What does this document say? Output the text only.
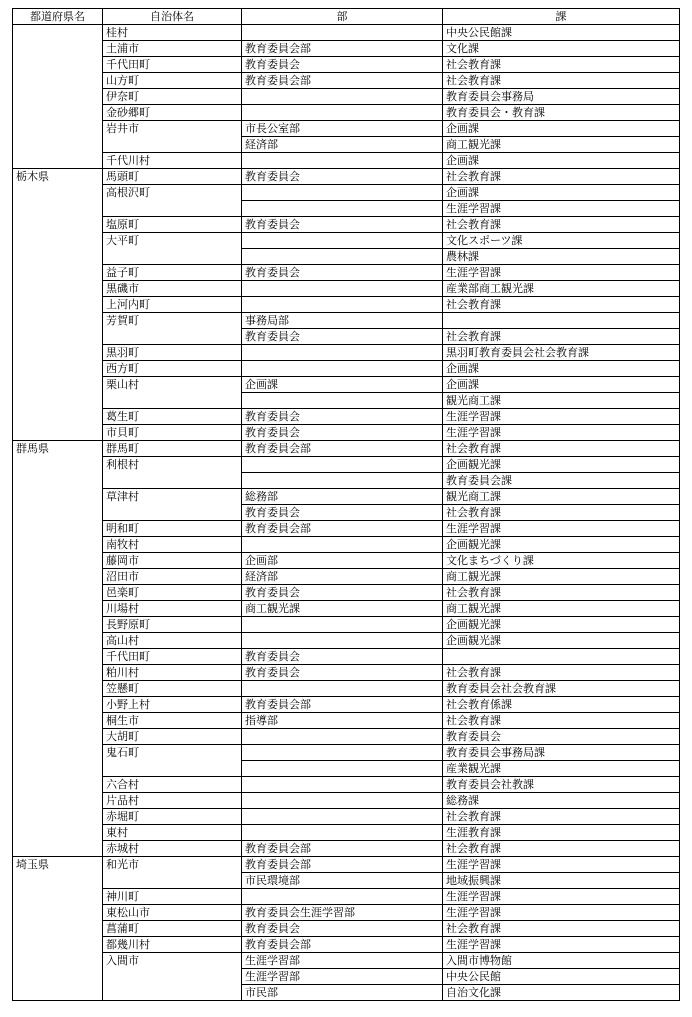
都道府県名	自治体名	部	課
	桂村		中央公民館課
	土浦市	教育委員会部	文化課
	千代田町	教育委員会	社会教育課
	山方町	教育委員会部	社会教育課
	伊奈町		教育委員会事務局
	金砂郷町		教育委員会・教育課
	岩井市	市長公室部	企画課
		経済部	商工観光課
	千代川村		企画課
栃木県	馬頭町	教育委員会	社会教育課
	高根沢町		企画課
			生涯学習課
	塩原町	教育委員会	社会教育課
	大平町		文化スポーツ課
			農林課
	益子町	教育委員会	生涯学習課
	黒磯市		産業部商工観光課
	上河内町		社会教育課
	芳賀町	事務局部	
		教育委員会	社会教育課
	黒羽町		黒羽町教育委員会社会教育課
	西方町		企画課
	栗山村	企画課	企画課
			観光商工課
	葛生町	教育委員会	生涯学習課
	市貝町	教育委員会	生涯学習課
群馬県	群馬町	教育委員会部	社会教育課
	利根村		企画観光課
			教育委員会課
	草津村	総務部	観光商工課
		教育委員会	社会教育課
	明和町	教育委員会部	生涯学習課
	南牧村		企画観光課
	藤岡市	企画部	文化まちづくり課
	沼田市	経済部	商工観光課
	邑楽町	教育委員会	社会教育課
	川場村	商工観光課	商工観光課
	長野原町		企画観光課
	高山村		企画観光課
	千代田町	教育委員会	
	粕川村	教育委員会	社会教育課
	笠懸町		教育委員会社会教育課
	小野上村	教育委員会部	社会教育係課
	桐生市	指導部	社会教育課
	大胡町		教育委員会
	鬼石町		教育委員会事務局課
			産業観光課
	六合村		教育委員会社教課
	片品村		総務課
	赤堀町		社会教育課
	東村		生涯教育課
	赤城村	教育委員会部	社会教育課
埼玉県	和光市	教育委員会部	生涯学習課
		市民環境部	地域振興課
	神川町		生涯学習課
	東松山市	教育委員会生涯学習部	生涯学習課
	菖蒲町	教育委員会	社会教育課
	都幾川村	教育委員会部	生涯学習課
	入間市	生涯学習部	入間市博物館
		生涯学習部	中央公民館
		市民部	自治文化課
